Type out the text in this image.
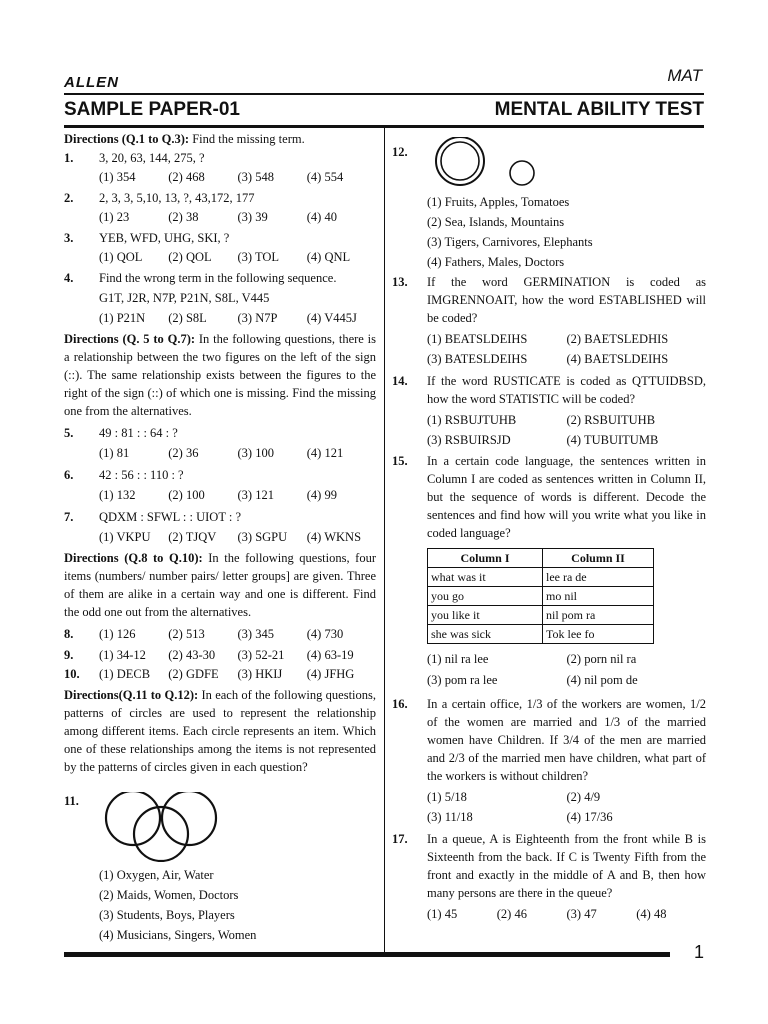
ALLEN	MAT
SAMPLE PAPER-01	MENTAL ABILITY TEST

Directions (Q.1 to Q.3): Find the missing term.

1. 3, 20, 63, 144, 275, ?

(1) 354	(2) 468	(3) 548	(4) 554
2. 2, 3, 3, 5,10, 13, ?, 43,172, 177

(1) 23	(2) 38	(3) 39	(4) 40
3. YEB, WFD, UHG, SKI, ?

(1) QOL	(2) QOL	(3) TOL	(4) QNL
4. Find the wrong term in the following sequence.

G1T, J2R, N7P, P21N, S8L, V445

(1) P21N	(2) S8L	(3) N7P	(4) V445J

Directions (Q. 5 to Q.7): In the following questions, there is a relationship between the two figures on the left of the sign (::). The same relationship exists between the figures to the right of the sign (::) of which one is missing. Find the missing one from the alternatives.

5. 49 : 81 : : 64 : ?

(1) 81	(2) 36	(3) 100	(4) 121
6. 42 : 56 : : 110 : ?

(1) 132	(2) 100	(3) 121	(4) 99
7. QDXM : SFWL : : UIOT : ?

(1) VKPU	(2) TJQV	(3) SGPU	(4) WKNS

Directions (Q.8 to Q.10): In the following questions, four items (numbers/ number pairs/ letter groups] are given. Three of them are alike in a certain way and one is different. Find the odd one out from the alternatives.

8. (1) 126	(2) 513	(3) 345	(4) 730
9. (1) 34-12	(2) 43-30	(3) 52-21	(4) 63-19
10. (1) DECB	(2) GDFE	(3) HKIJ	(4) JFHG

Directions(Q.11 to Q.12): In each of the following questions, patterns of circles are used to represent the relationship among different items. Each circle represents an item. Which one of these relationships among the items is not represented by the patterns of circles given in each question?

11.

(1) Oxygen, Air, Water

(2) Maids, Women, Doctors

(3) Students, Boys, Players

(4) Musicians, Singers, Women

12.

(1) Fruits, Apples, Tomatoes

(2) Sea, Islands, Mountains

(3) Tigers, Carnivores, Elephants

(4) Fathers, Males, Doctors

13. If the word GERMINATION is coded as IMGRENNOAIT, how the word ESTABLISHED will be coded?

(1) BEATSLDEIHS	(2) BAETSLEDHIS
(3) BATESLDEIHS	(4) BAETSLDEIHS
14. If the word RUSTICATE is coded as QTTUIDBSD, how the word STATISTIC will be coded?

(1) RSBUJTUHB	(2) RSBUITUHB
(3) RSBUIRSJD	(4) TUBUITUMB
15. In a certain code language, the sentences written in Column I are coded as sentences written in Column II, but the sequence of words is different. Decode the sentences and find how will you write what you like in coded language?

Column I	Column II
what was it	lee ra de
you go	mo nil
you like it	nil pom ra
she was sick	Tok lee fo
(1) nil ra lee	(2) porn nil ra
(3) pom ra lee	(4) nil pom de
16. In a certain office, 1/3 of the workers are women, 1/2 of the women are married and 1/3 of the married women have Children. If 3/4 of the men are married and 2/3 of the married men have children, what part of the workers is without children?

(1) 5/18	(2) 4/9
(3) 11/18	(4) 17/36
17. In a queue, A is Eighteenth from the front while B is Sixteenth from the back. If C is Twenty Fifth from the front and exactly in the middle of A and B, then how many persons are there in the queue?

(1) 45	(2) 46	(3) 47	(4) 48
1
